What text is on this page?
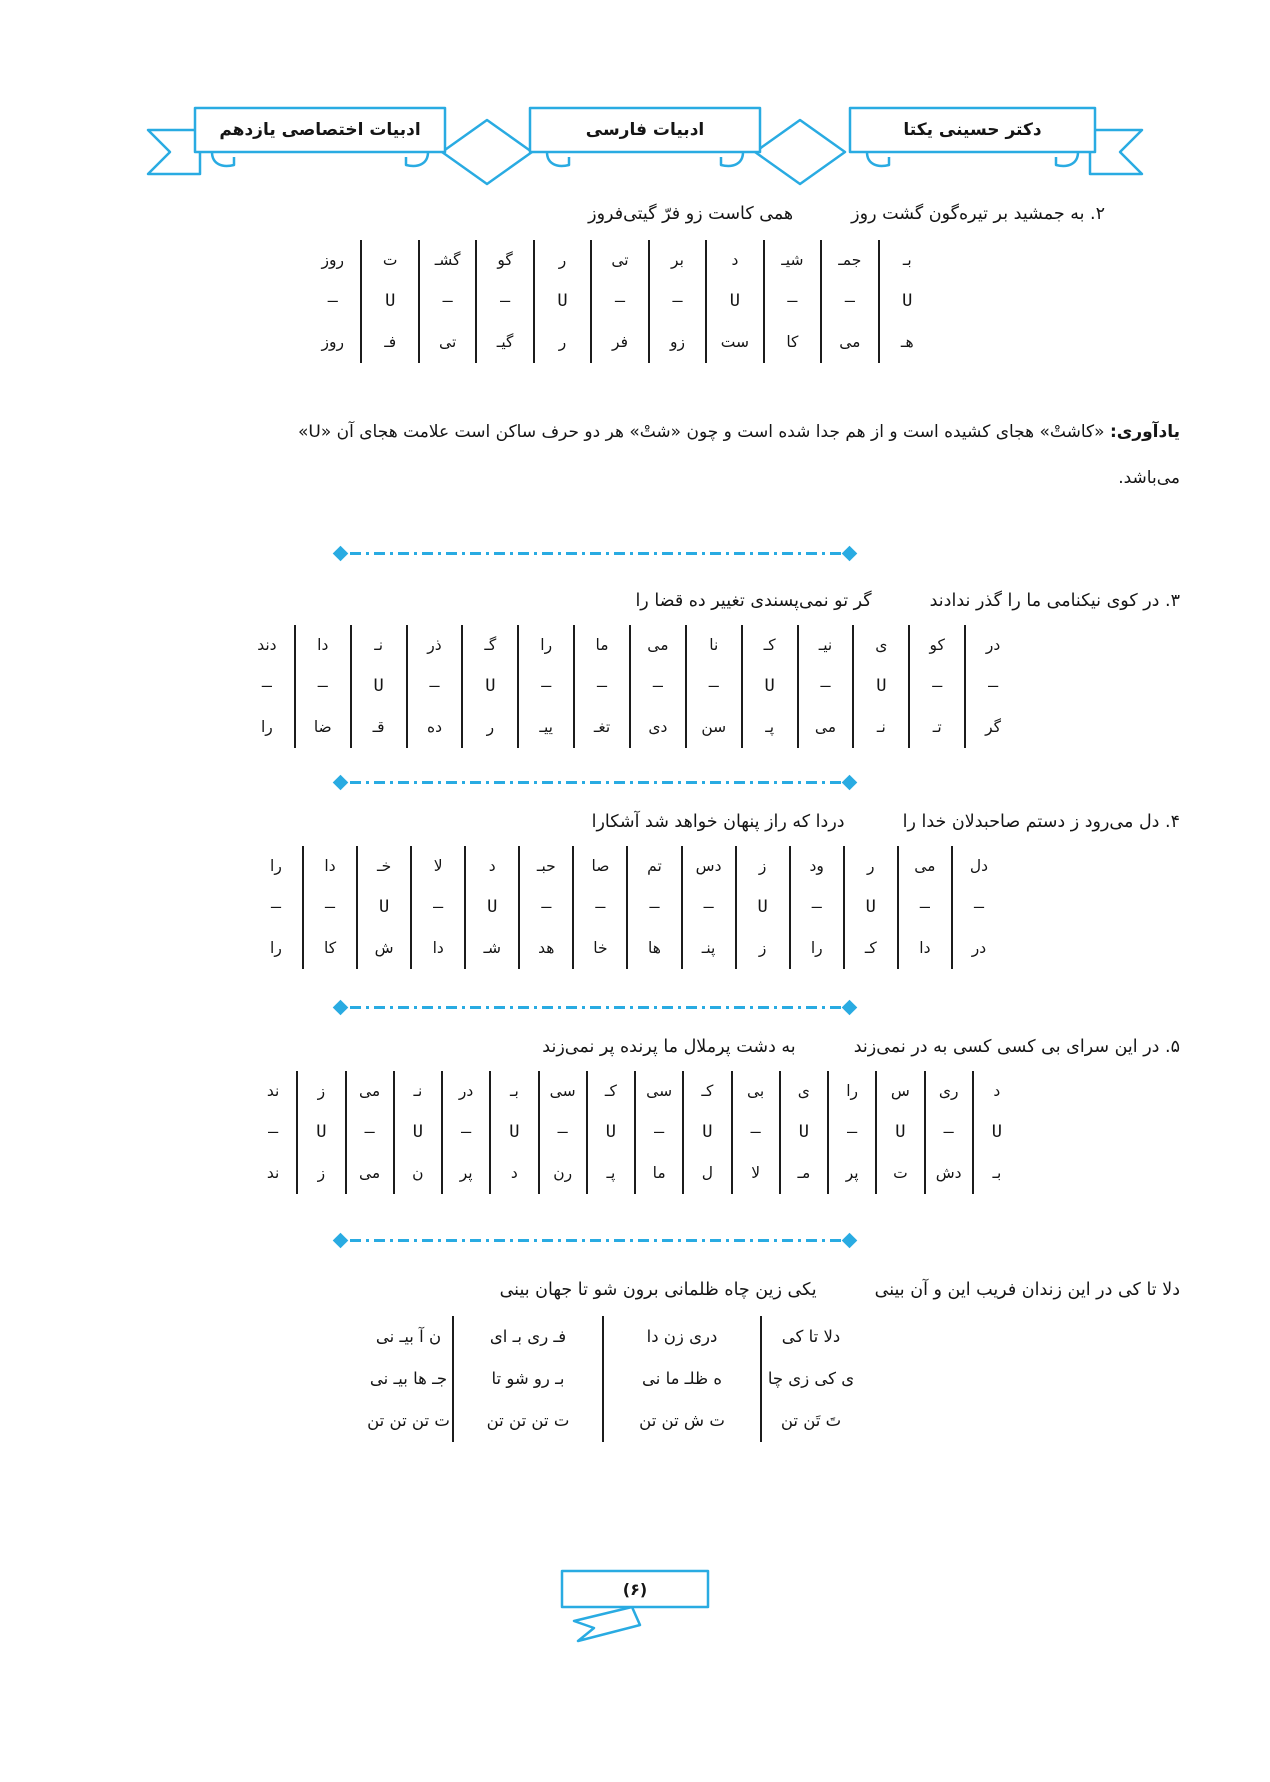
دکتر حسینی یکتا
ادبیات فارسی
ادبیات اختصاصی یازدهم

۲. به جمشید بر تیره‌گون گشت روز
همی کاست زو فرّ گیتی‌فروز

بـ
U
هـ
جمـ
–
می
شیـ
–
کا
د
U
ست
بر
–
زو
تی
–
فر
ر
U
ر
گو
–
گیـ
گشـ
–
تی
ت
U
فـ
روز
–
روز

یادآوری: «کاشتْ» هجای کشیده است و از هم جدا شده است و چون «شتْ» هر دو حرف ساکن است علامت هجای آن «U»
می‌باشد.

۳. در کوی نیکنامی ما را گذر ندادند
گر تو نمی‌پسندی تغییر ده قضا را

در
–
گر
کو
–
تـ
ی
U
نـ
نیـ
–
می
کـ
U
پـ
نا
–
سن
می
–
دی
ما
–
تغـ
را
–
ییـ
گـ
U
ر
ذر
–
ده
نـ
U
قـ
دا
–
ضا
دند
–
را

۴. دل می‌رود ز دستم صاحبدلان خدا را
دردا که راز پنهان خواهد شد آشکارا

دل
–
در
می
–
دا
ر
U
کـ
ود
–
را
ز
U
ز
دس
–
پنـ
تم
–
ها
صا
–
خا
حبـ
–
هد
د
U
شـ
لا
–
دا
خـ
U
ش
دا
–
کا
را
–
را

۵. در این سرای بی کسی کسی به در نمی‌زند
به دشت پرملال ما پرنده پر نمی‌زند

د
U
بـ
ری
–
دش
س
U
ت
را
–
پر
ی
U
مـ
بی
–
لا
کـ
U
ل
سی
–
ما
کـ
U
پـ
سی
–
رن
بـ
U
د
در
–
پر
نـ
U
ن
می
–
می
ز
U
ز
ند
–
ند

دلا تا کی در این زندان فریب این و آن بینی
یکی زین چاه ظلمانی برون شو تا جهان بینی

دلا تا کی
ی کی زی چا
تَ تَن تن
دری زن دا
ه ظلـ ما نی
ت ش تن تن
فـ ری بـ ای
بـ رو شو تا
ت تن تن تن
ن آ بیـ نی
جـ ها بیـ نی
ت تن تن تن
(۶)
